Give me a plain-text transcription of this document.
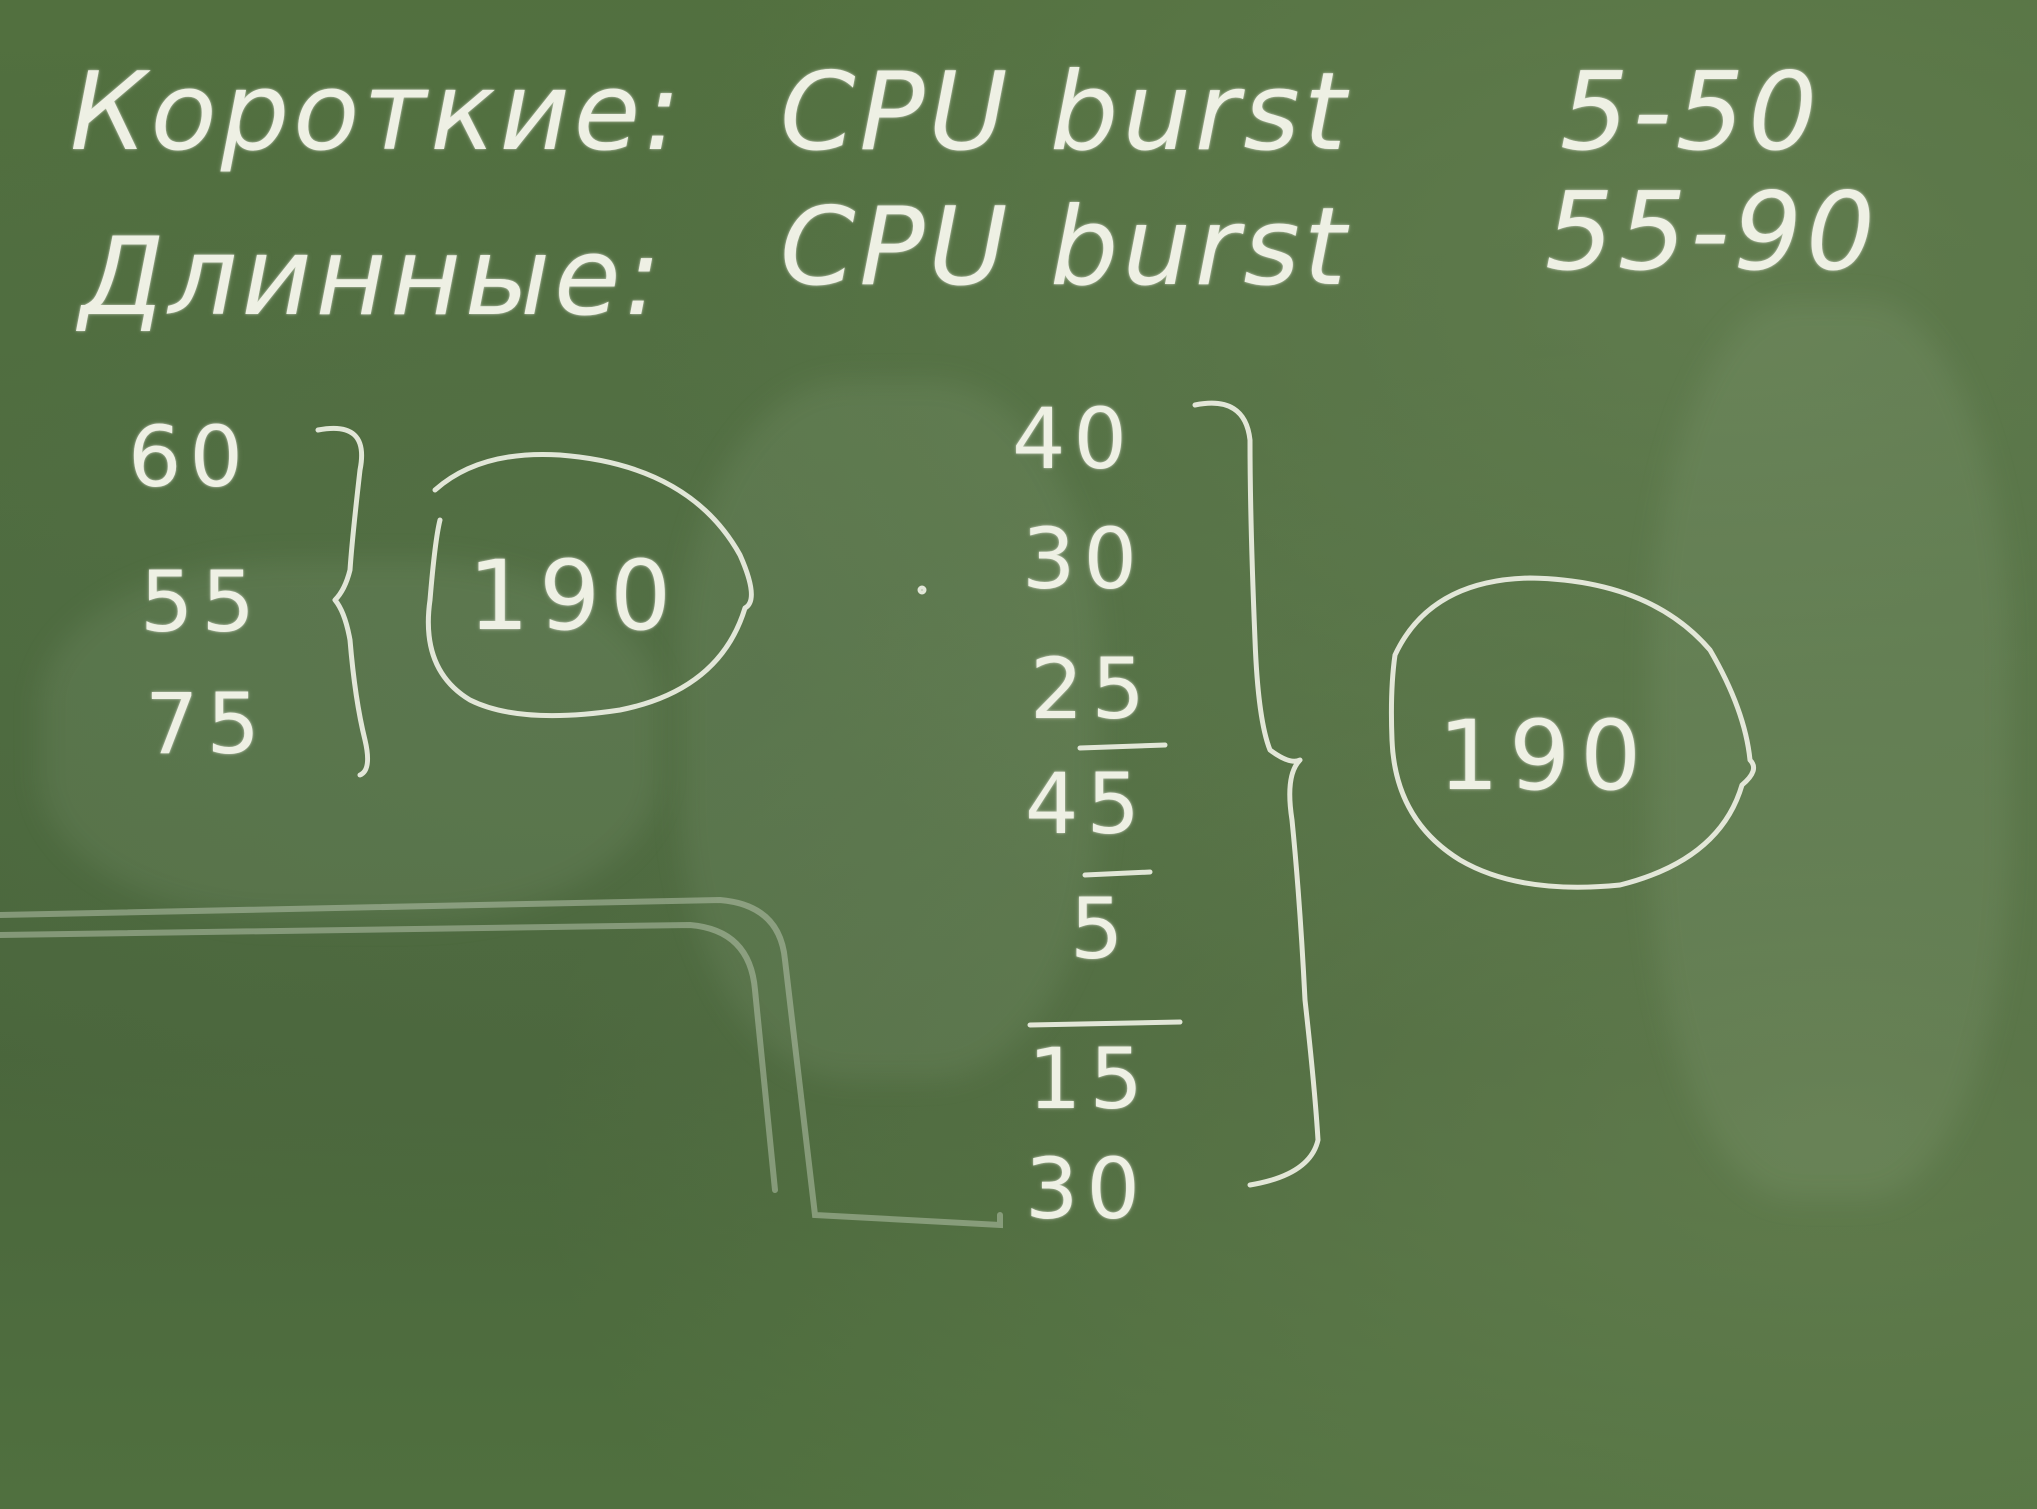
Короткие: CPU burst 5-50
Длинные: CPU burst 55-90
60
55
75
190
40
30
25
45
5
15
30
190
